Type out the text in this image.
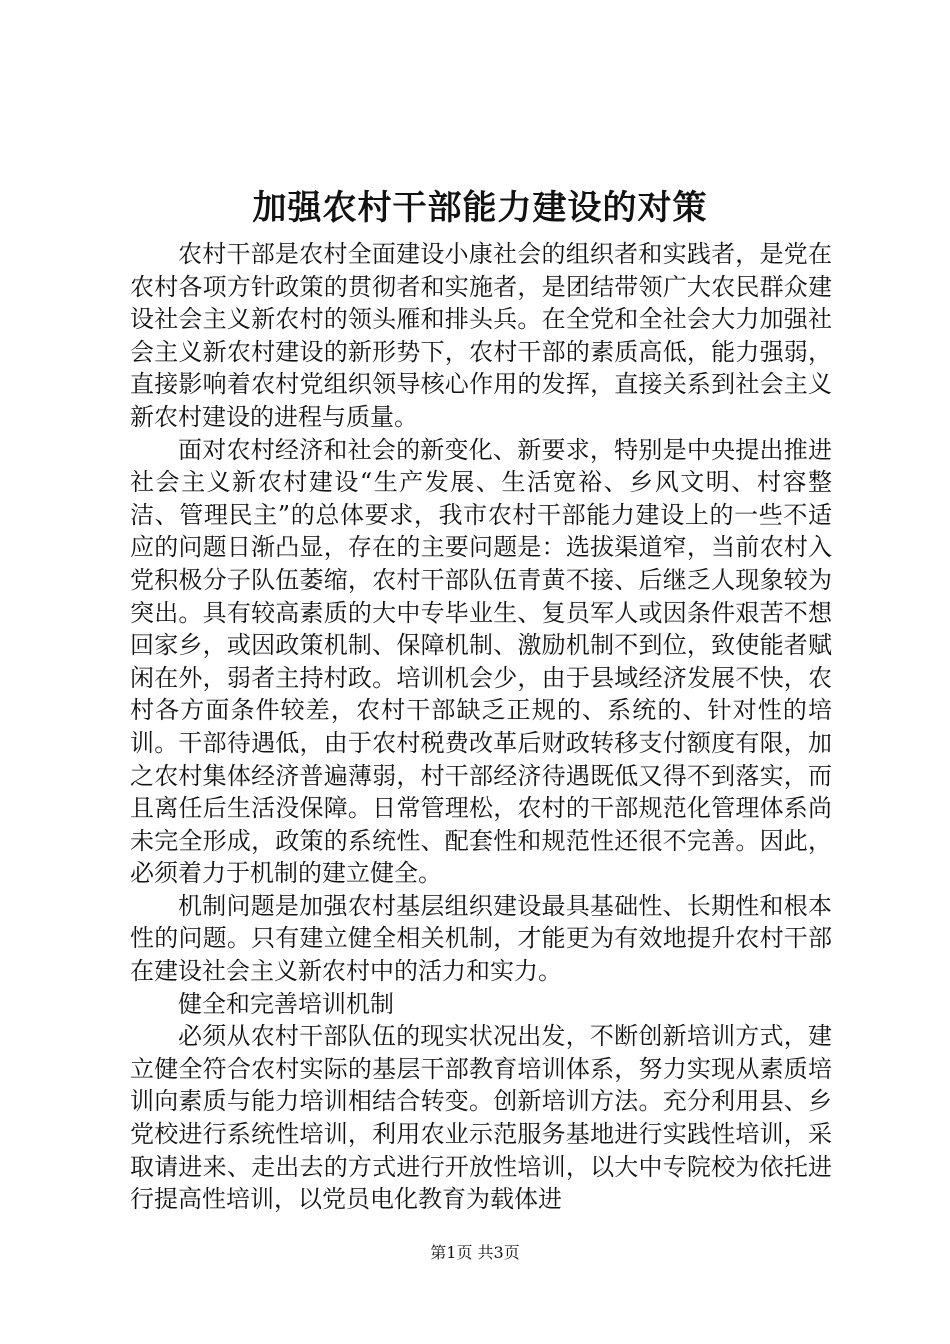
加强农村干部能力建设的对策

农村干部是农村全面建设小康社会的组织者和实践者，是党在农村各项方针政策的贯彻者和实施者，是团结带领广大农民群众建设社会主义新农村的领头雁和排头兵。在全党和全社会大力加强社会主义新农村建设的新形势下，农村干部的素质高低，能力强弱，直接影响着农村党组织领导核心作用的发挥，直接关系到社会主义新农村建设的进程与质量。

面对农村经济和社会的新变化、新要求，特别是中央提出推进社会主义新农村建设“生产发展、生活宽裕、乡风文明、村容整洁、管理民主”的总体要求，我市农村干部能力建设上的一些不适应的问题日渐凸显，存在的主要问题是：选拔渠道窄，当前农村入党积极分子队伍萎缩，农村干部队伍青黄不接、后继乏人现象较为突出。具有较高素质的大中专毕业生、复员军人或因条件艰苦不想回家乡，或因政策机制、保障机制、激励机制不到位，致使能者赋闲在外，弱者主持村政。培训机会少，由于县域经济发展不快，农村各方面条件较差，农村干部缺乏正规的、系统的、针对性的培训。干部待遇低，由于农村税费改革后财政转移支付额度有限，加之农村集体经济普遍薄弱，村干部经济待遇既低又得不到落实，而且离任后生活没保障。日常管理松，农村的干部规范化管理体系尚未完全形成，政策的系统性、配套性和规范性还很不完善。因此，必须着力于机制的建立健全。

机制问题是加强农村基层组织建设最具基础性、长期性和根本性的问题。只有建立健全相关机制，才能更为有效地提升农村干部在建设社会主义新农村中的活力和实力。

健全和完善培训机制

必须从农村干部队伍的现实状况出发，不断创新培训方式，建立健全符合农村实际的基层干部教育培训体系，努力实现从素质培训向素质与能力培训相结合转变。创新培训方法。充分利用县、乡党校进行系统性培训，利用农业示范服务基地进行实践性培训，采取请进来、走出去的方式进行开放性培训，以大中专院校为依托进行提高性培训，以党员电化教育为载体进

第1页 共3页
